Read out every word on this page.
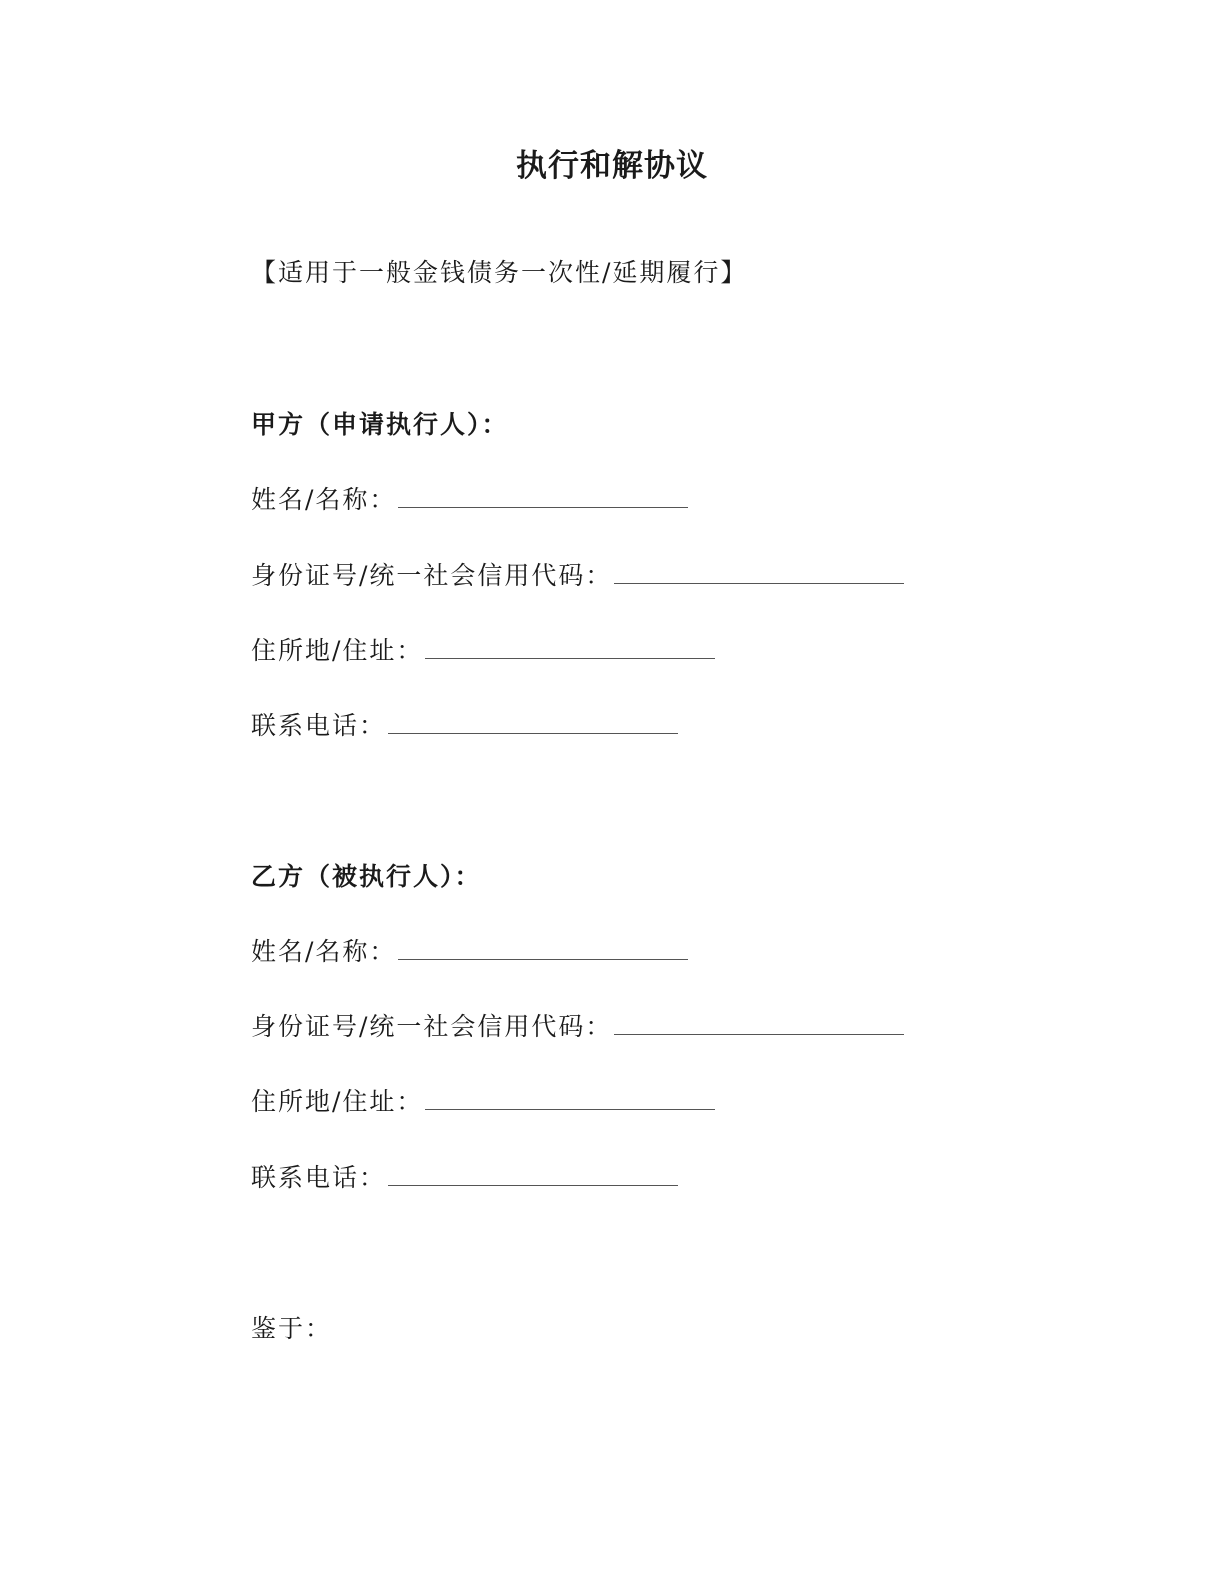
执行和解协议
【适用于一般金钱债务一次性/延期履行】
甲方（申请执行人）：
姓名/名称：
身份证号/统一社会信用代码：
住所地/住址：
联系电话：
乙方（被执行人）：
姓名/名称：
身份证号/统一社会信用代码：
住所地/住址：
联系电话：
鉴于：
